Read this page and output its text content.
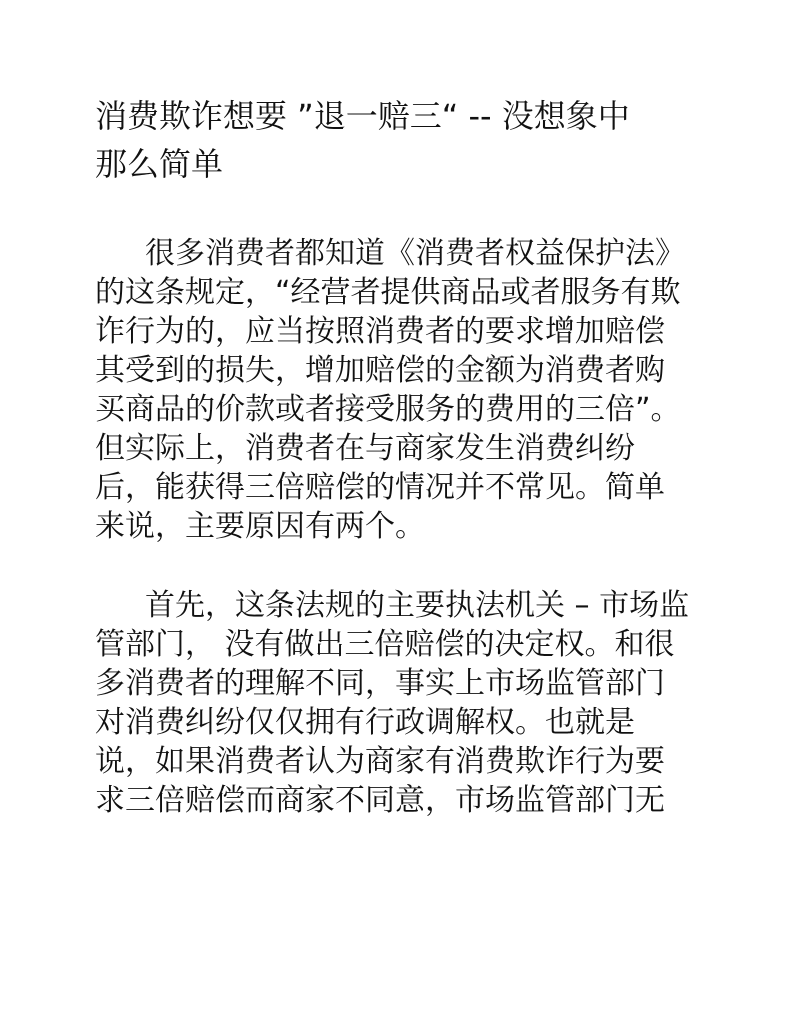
消费欺诈想要 ”退一赔三“ -- 没想象中
那么简单

很多消费者都知道《消费者权益保护法》
的这条规定，“经营者提供商品或者服务有欺
诈行为的，应当按照消费者的要求增加赔偿
其受到的损失，增加赔偿的金额为消费者购
买商品的价款或者接受服务的费用的三倍”。
但实际上，消费者在与商家发生消费纠纷
后，能获得三倍赔偿的情况并不常见。简单
来说，主要原因有两个。

首先，这条法规的主要执法机关 – 市场监
管部门， 没有做出三倍赔偿的决定权。和很
多消费者的理解不同，事实上市场监管部门
对消费纠纷仅仅拥有行政调解权。也就是
说，如果消费者认为商家有消费欺诈行为要
求三倍赔偿而商家不同意，市场监管部门无
